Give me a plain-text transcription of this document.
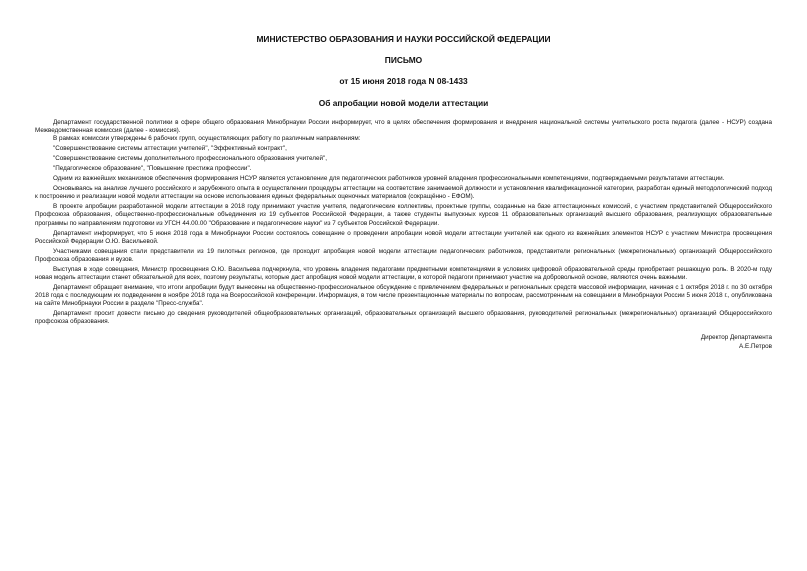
МИНИСТЕРСТВО ОБРАЗОВАНИЯ И НАУКИ РОССИЙСКОЙ ФЕДЕРАЦИИ

ПИСЬМО

от 15 июня 2018 года N 08-1433

Об апробации новой модели аттестации

Департамент государственной политики в сфере общего образования Минобрнауки России информирует, что в целях обеспечения формирования и внедрения национальной системы учительского роста педагога (далее - НСУР) создана Межведомственная комиссия (далее - комиссия).

В рамках комиссии утверждены 6 рабочих групп, осуществляющих работу по различным направлениям:

"Совершенствование системы аттестации учителей", "Эффективный контракт",

"Совершенствование системы дополнительного профессионального образования учителей",

"Педагогическое образование", "Повышение престижа профессии".

Одним из важнейших механизмов обеспечения формирования НСУР является установление для педагогических работников уровней владения профессиональными компетенциями, подтверждаемыми результатами аттестации.

Основываясь на анализе лучшего российского и зарубежного опыта в осуществлении процедуры аттестации на соответствие занимаемой должности и установления квалификационной категории, разработан единый методологический подход к построению и реализации новой модели аттестации на основе использования единых федеральных оценочных материалов (сокращённо - ЕФОМ).

В проекте апробации разработанной модели аттестации в 2018 году принимают участие учителя, педагогические коллективы, проектные группы, созданные на базе аттестационных комиссий, с участием представителей Общероссийского Профсоюза образования, общественно-профессиональные объединения из 19 субъектов Российской Федерации, а также студенты выпускных курсов 11 образовательных организаций высшего образования, реализующих образовательные программы по направлениям подготовки из УГСН 44.00.00 "Образование и педагогические науки" из 7 субъектов Российской Федерации.

Департамент информирует, что 5 июня 2018 года в Минобрнауки России состоялось совещание о проведении апробации новой модели аттестации учителей как одного из важнейших элементов НСУР с участием Министра просвещения Российской Федерации О.Ю. Васильевой.

Участниками совещания стали представители из 19 пилотных регионов, где проходит апробация новой модели аттестации педагогических работников, представители региональных (межрегиональных) организаций Общероссийского Профсоюза образования и вузов.

Выступая в ходе совещания, Министр просвещения О.Ю. Васильева подчеркнула, что уровень владения педагогами предметными компетенциями в условиях цифровой образовательной среды приобретает решающую роль. В 2020-м году новая модель аттестации станет обязательной для всех, поэтому результаты, которые даст апробация новой модели аттестации, в которой педагоги принимают участие на добровольной основе, являются очень важными.

Департамент обращает внимание, что итоги апробации будут вынесены на общественно-профессиональное обсуждение с привлечением федеральных и региональных средств массовой информации, начиная с 1 октября 2018 г. по 30 октября 2018 года с последующим их подведением в ноябре 2018 года на Всероссийской конференции. Информация, в том числе презентационные материалы по вопросам, рассмотренным на совещании в Минобрнауки России 5 июня 2018 г., опубликована на сайте Минобрнауки России в разделе "Пресс-служба".

Департамент просит довести письмо до сведения руководителей общеобразовательных организаций, образовательных организаций высшего образования, руководителей региональных (межрегиональных) организаций Общероссийского профсоюза образования.

Директор Департамента

А.Е.Петров
